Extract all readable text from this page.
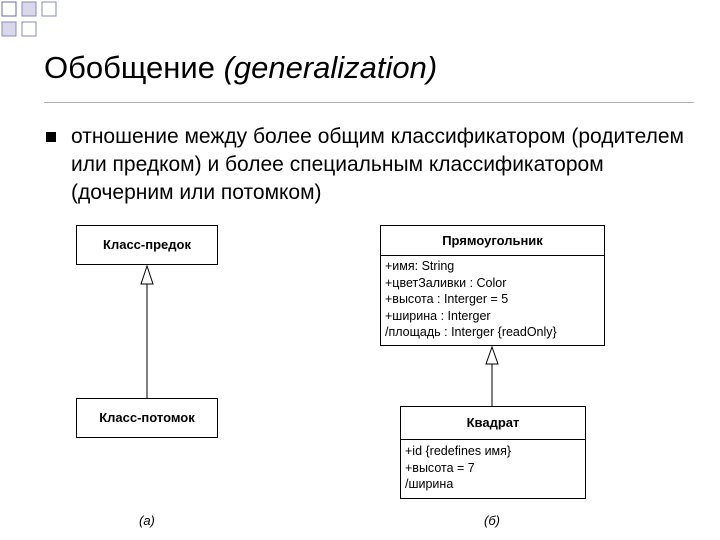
Обобщение (generalization)
отношение между более общим классификатором (родителем или предком) и более специальным классификатором (дочерним или потомком)
Класс-предок
Класс-потомок
(а)
Прямоугольник
+имя: String
+цветЗаливки : Color
+высота : Interger = 5
+ширина : Interger
/площадь : Interger {readOnly}
Квадрат
+id {redefines имя}
+высота = 7
/ширина
(б)
